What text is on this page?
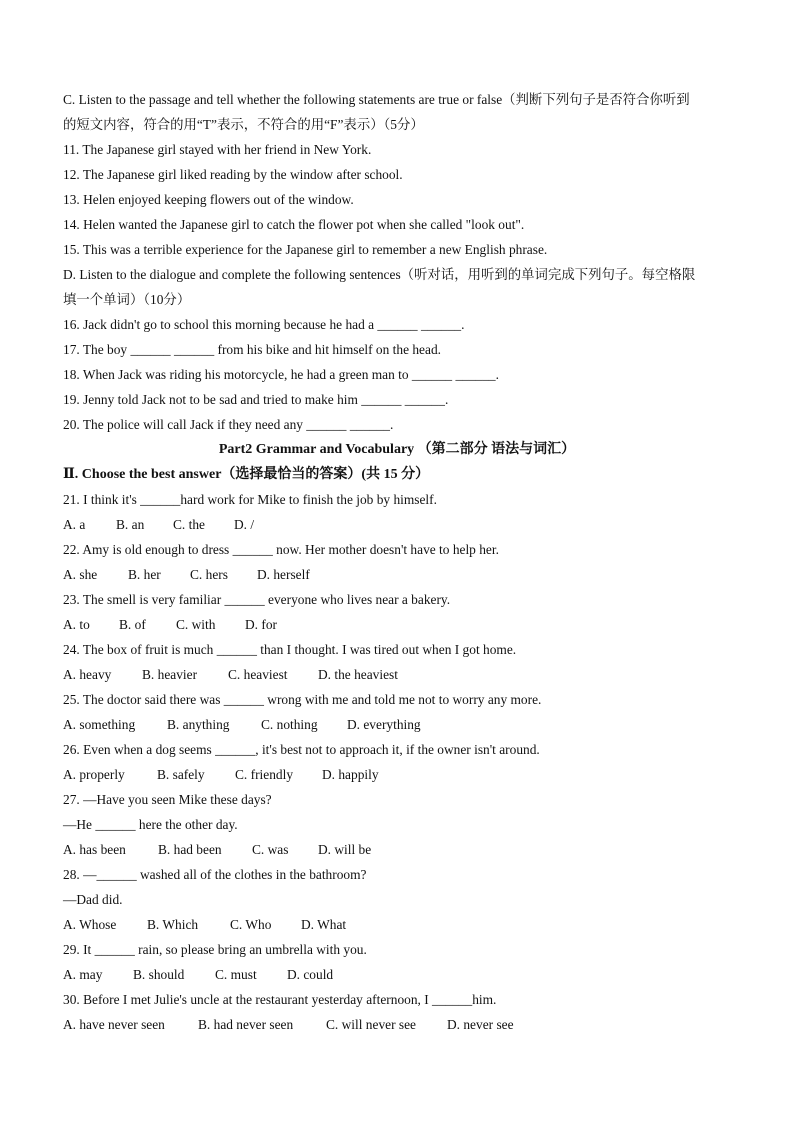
C. Listen to the passage and tell whether the following statements are true or false（判断下列句子是否符合你听到
的短文内容，符合的用“T”表示，不符合的用“F”表示）（5分）
11. The Japanese girl stayed with her friend in New York.
12. The Japanese girl liked reading by the window after school.
13. Helen enjoyed keeping flowers out of the window.
14. Helen wanted the Japanese girl to catch the flower pot when she called "look out".
15. This was a terrible experience for the Japanese girl to remember a new English phrase.
D. Listen to the dialogue and complete the following sentences（听对话，用听到的单词完成下列句子。每空格限
填一个单词）（10分）
16. Jack didn't go to school this morning because he had a ______ ______.
17. The boy ______ ______ from his bike and hit himself on the head.
18. When Jack was riding his motorcycle, he had a green man to ______ ______.
19. Jenny told Jack not to be sad and tried to make him ______ ______.
20. The police will call Jack if they need any ______ ______.
Part2 Grammar and Vocabulary （第二部分 语法与词汇）
Ⅱ. Choose the best answer（选择最恰当的答案）(共 15 分）
21. I think it's ______hard work for Mike to finish the job by himself.
A. a B. an C. the D. /
22. Amy is old enough to dress ______ now. Her mother doesn't have to help her.
A. she B. her C. hers D. herself
23. The smell is very familiar ______ everyone who lives near a bakery.
A. to B. of C. with D. for
24. The box of fruit is much ______ than I thought. I was tired out when I got home.
A. heavy B. heavier C. heaviest D. the heaviest
25. The doctor said there was ______ wrong with me and told me not to worry any more.
A. something B. anything C. nothing D. everything
26. Even when a dog seems ______, it's best not to approach it, if the owner isn't around.
A. properly B. safely C. friendly D. happily
27. —Have you seen Mike these days?
—He ______ here the other day.
A. has been B. had been C. was D. will be
28. —______ washed all of the clothes in the bathroom?
—Dad did.
A. Whose B. Which C. Who D. What
29. It ______ rain, so please bring an umbrella with you.
A. may B. should C. must D. could
30. Before I met Julie's uncle at the restaurant yesterday afternoon, I ______him.
A. have never seen B. had never seen C. will never see D. never see
